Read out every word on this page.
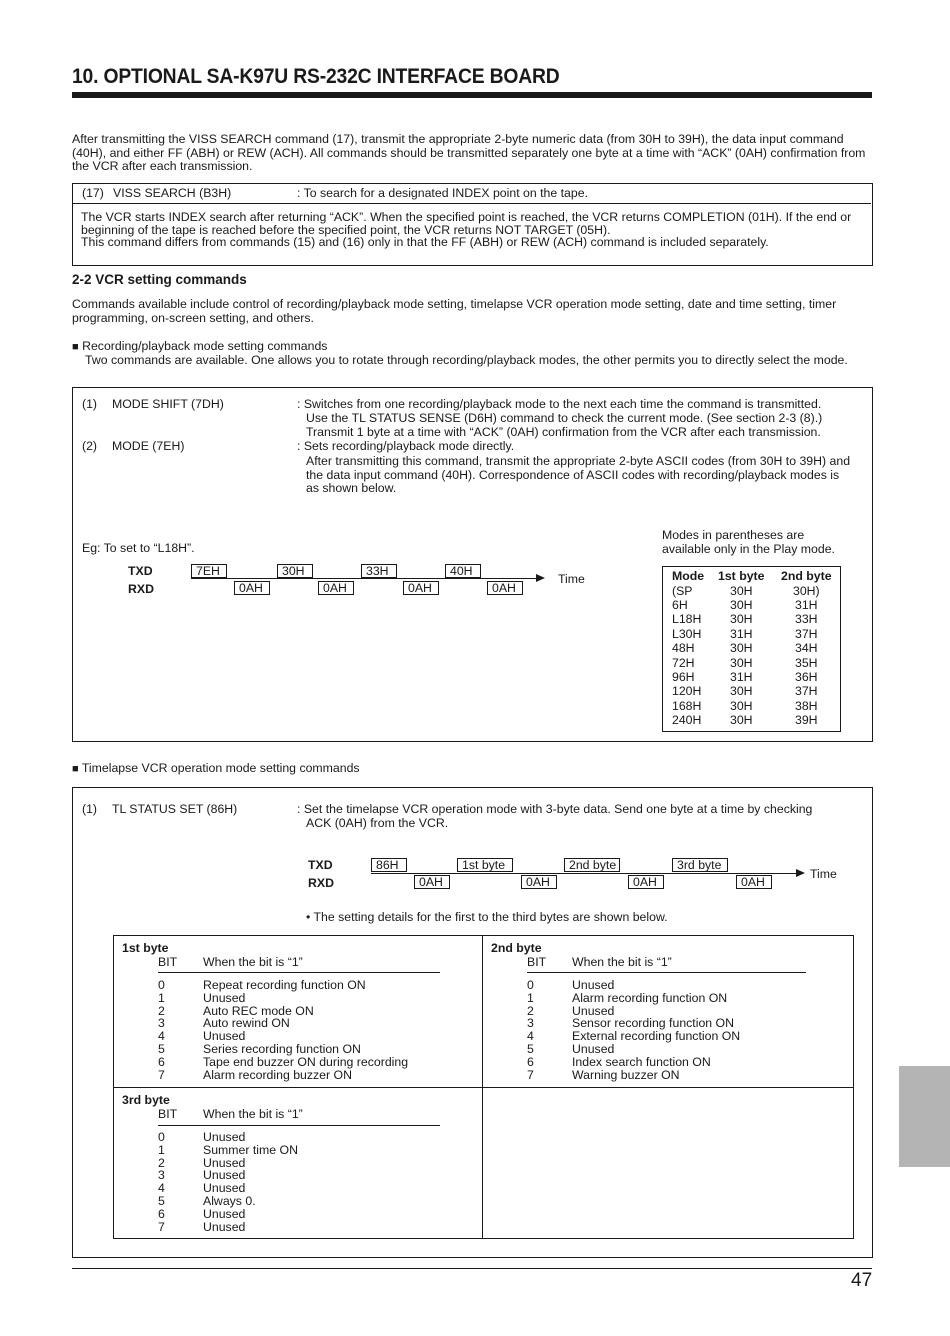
10. OPTIONAL SA-K97U RS-232C INTERFACE BOARD
After transmitting the VISS SEARCH command (17), transmit the appropriate 2-byte numeric data (from 30H to 39H), the data input command (40H), and either FF (ABH) or REW (ACH). All commands should be transmitted separately one byte at a time with “ACK” (0AH) confirmation from the VCR after each transmission.
(17) VISS SEARCH (B3H)	: To search for a designated INDEX point on the tape.
The VCR starts INDEX search after returning “ACK”. When the specified point is reached, the VCR returns COMPLETION (01H). If the end or beginning of the tape is reached before the specified point, the VCR returns NOT TARGET (05H).
This command differs from commands (15) and (16) only in that the FF (ABH) or REW (ACH) command is included separately.
2-2 VCR setting commands
Commands available include control of recording/playback mode setting, timelapse VCR operation mode setting, date and time setting, timer programming, on-screen setting, and others.
■ Recording/playback mode setting commands
Two commands are available. One allows you to rotate through recording/playback modes, the other permits you to directly select the mode.
(1) MODE SHIFT (7DH)	: Switches from one recording/playback mode to the next each time the command is transmitted.
Use the TL STATUS SENSE (D6H) command to check the current mode. (See section 2-3 (8).)
Transmit 1 byte at a time with “ACK” (0AH) confirmation from the VCR after each transmission.
(2) MODE (7EH)	: Sets recording/playback mode directly.
After transmitting this command, transmit the appropriate 2-byte ASCII codes (from 30H to 39H) and the data input command (40H). Correspondence of ASCII codes with recording/playback modes is as shown below.
Eg: To set to “L18H”.
Modes in parentheses are available only in the Play mode.
TXD
RXD
7EH	30H	33H	40H
0AH	0AH	0AH	0AH
Time	Mode 1st byte 2nd byte
(SP	30H	30H)
6H	30H	31H
L18H 30H	33H
L30H 31H	37H
48H	30H	34H
72H	30H	35H
96H	31H	36H
120H 30H	37H
168H 30H	38H
240H 30H	39H
■ Timelapse VCR operation mode setting commands
(1) TL STATUS SET (86H)	: Set the timelapse VCR operation mode with 3-byte data. Send one byte at a time by checking
ACK (0AH) from the VCR.
TXD
RXD
86H	1st byte	2nd byte	3rd byte
0AH	0AH	0AH	0AH
Time
• The setting details for the first to the third bytes are shown below.
1st byte
BIT When the bit is “1”
0	Repeat recording function ON
1	Unused
2	Auto REC mode ON
3	Auto rewind ON
4	Unused
5	Series recording function ON
6	Tape end buzzer ON during recording
7	Alarm recording buzzer ON
2nd byte
BIT When the bit is “1”
0	Unused
1	Alarm recording function ON
2	Unused
3	Sensor recording function ON
4	External recording function ON
5	Unused
6	Index search function ON
7	Warning buzzer ON
3rd byte
BIT When the bit is “1”
0	Unused
1	Summer time ON
2	Unused
3	Unused
4	Unused
5	Always 0.
6	Unused
7	Unused
47
